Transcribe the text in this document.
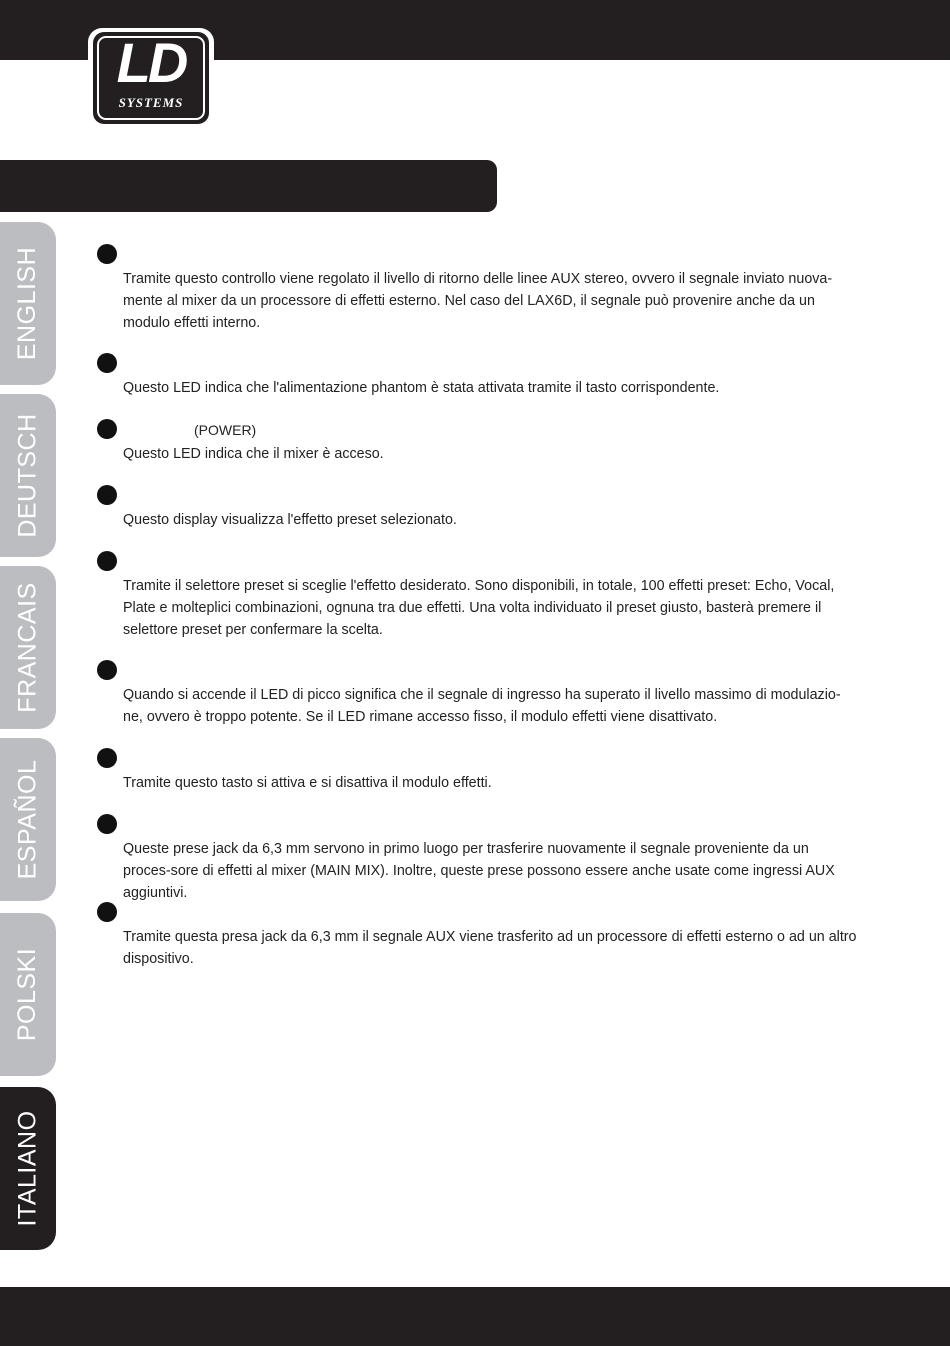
LD
SYSTEMS
ENGLISH
DEUTSCH
FRANCAIS
ESPAÑOL
POLSKI
ITALIANO
Tramite questo controllo viene regolato il livello di ritorno delle linee AUX stereo, ovvero il segnale inviato nuova-mente al mixer da un processore di effetti esterno. Nel caso del LAX6D, il segnale può provenire anche da un modulo effetti interno.
Questo LED indica che l'alimentazione phantom è stata attivata tramite il tasto corrispondente.
(POWER)
Questo LED indica che il mixer è acceso.
Questo display visualizza l'effetto preset selezionato.
Tramite il selettore preset si sceglie l'effetto desiderato. Sono disponibili, in totale, 100 effetti preset: Echo, Vocal, Plate e molteplici combinazioni, ognuna tra due effetti. Una volta individuato il preset giusto, basterà premere il selettore preset per confermare la scelta.
Quando si accende il LED di picco significa che il segnale di ingresso ha superato il livello massimo di modulazio-ne, ovvero è troppo potente. Se il LED rimane accesso fisso, il modulo effetti viene disattivato.
Tramite questo tasto si attiva e si disattiva il modulo effetti.
Queste prese jack da 6,3 mm servono in primo luogo per trasferire nuovamente il segnale proveniente da un proces-sore di effetti al mixer (MAIN MIX). Inoltre, queste prese possono essere anche usate come ingressi AUX aggiuntivi.
Tramite questa presa jack da 6,3 mm il segnale AUX viene trasferito ad un processore di effetti esterno o ad un altro dispositivo.
